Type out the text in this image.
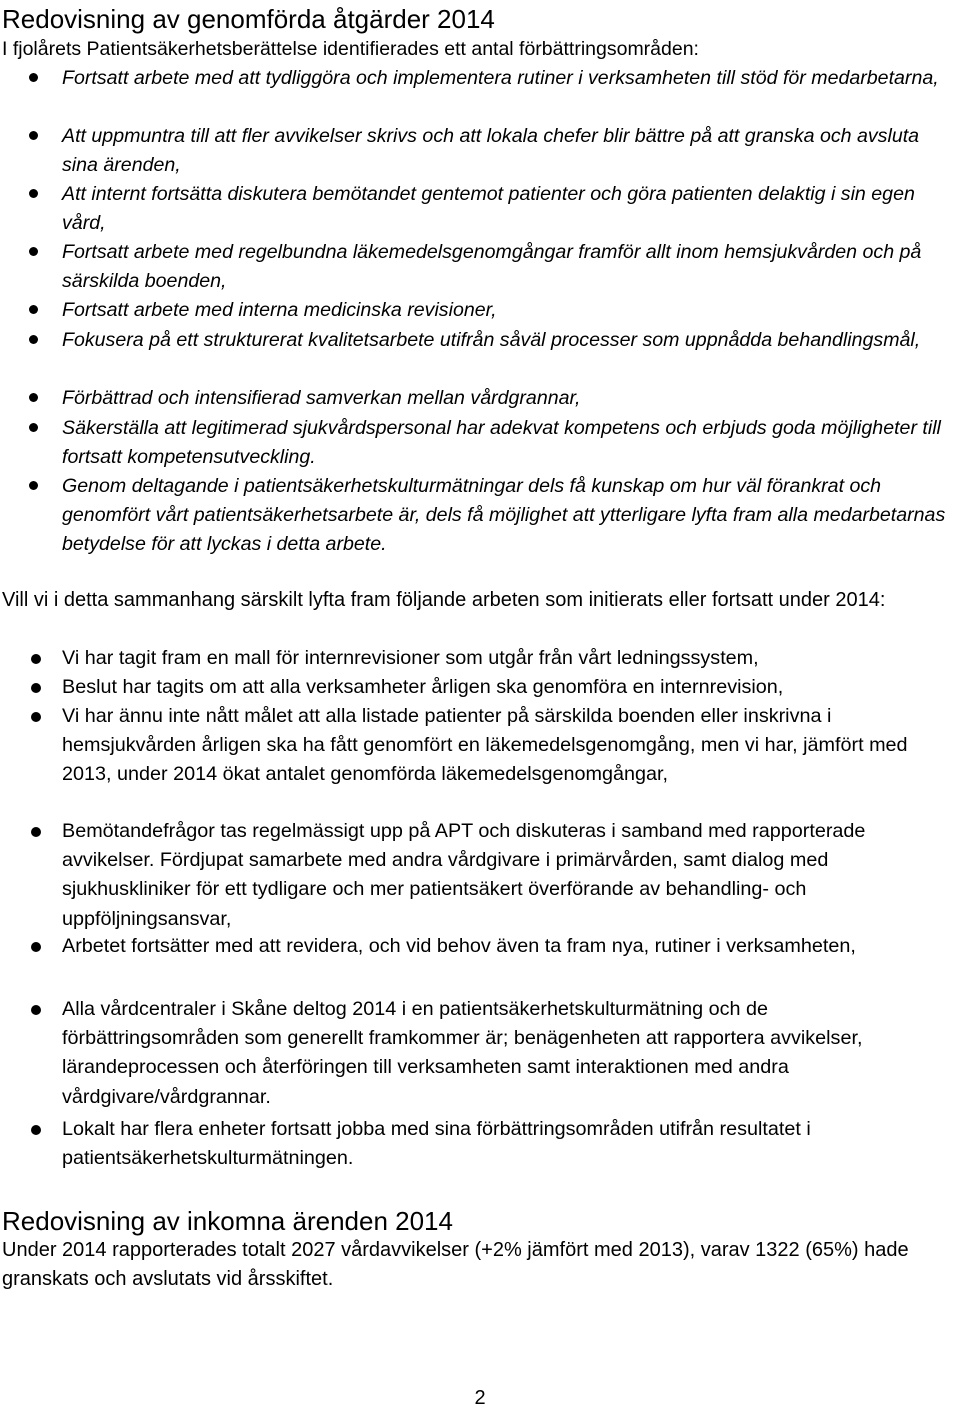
Redovisning av genomförda åtgärder 2014

I fjolårets Patientsäkerhetsberättelse identifierades ett antal förbättringsområden:

Fortsatt arbete med att tydliggöra och implementera rutiner i verksamheten till stöd för medarbetarna,
Att uppmuntra till att fler avvikelser skrivs och att lokala chefer blir bättre på att granska och avsluta sina ärenden,
Att internt fortsätta diskutera bemötandet gentemot patienter och göra patienten delaktig i sin egen vård,
Fortsatt arbete med regelbundna läkemedelsgenomgångar framför allt inom hemsjukvården och på särskilda boenden,
Fortsatt arbete med interna medicinska revisioner,
Fokusera på ett strukturerat kvalitetsarbete utifrån såväl processer som uppnådda behandlingsmål,
Förbättrad och intensifierad samverkan mellan vårdgrannar,
Säkerställa att legitimerad sjukvårdspersonal har adekvat kompetens och erbjuds goda möjligheter till fortsatt kompetensutveckling.
Genom deltagande i patientsäkerhetskulturmätningar dels få kunskap om hur väl förankrat och genomfört vårt patientsäkerhetsarbete är, dels få möjlighet att ytterligare lyfta fram alla medarbetarnas betydelse för att lyckas i detta arbete.

Vill vi i detta sammanhang särskilt lyfta fram följande arbeten som initierats eller fortsatt under 2014:

Vi har tagit fram en mall för internrevisioner som utgår från vårt ledningssystem,
Beslut har tagits om att alla verksamheter årligen ska genomföra en internrevision,
Vi har ännu inte nått målet att alla listade patienter på särskilda boenden eller inskrivna i hemsjukvården årligen ska ha fått genomfört en läkemedelsgenomgång, men vi har, jämfört med 2013, under 2014 ökat antalet genomförda läkemedelsgenomgångar,
Bemötandefrågor tas regelmässigt upp på APT och diskuteras i samband med rapporterade avvikelser. Fördjupat samarbete med andra vårdgivare i primärvården, samt dialog med sjukhuskliniker för ett tydligare och mer patientsäkert överförande av behandling- och uppföljningsansvar,
Arbetet fortsätter med att revidera, och vid behov även ta fram nya, rutiner i verksamheten,
Alla vårdcentraler i Skåne deltog 2014 i en patientsäkerhetskulturmätning och de förbättringsområden som generellt framkommer är; benägenheten att rapportera avvikelser, lärandeprocessen och återföringen till verksamheten samt interaktionen med andra vårdgivare/vårdgrannar.
Lokalt har flera enheter fortsatt jobba med sina förbättringsområden utifrån resultatet i patientsäkerhetskulturmätningen.
Redovisning av inkomna ärenden 2014

Under 2014 rapporterades totalt 2027 vårdavvikelser (+2% jämfört med 2013), varav 1322 (65%) hade granskats och avslutats vid årsskiftet.

2
